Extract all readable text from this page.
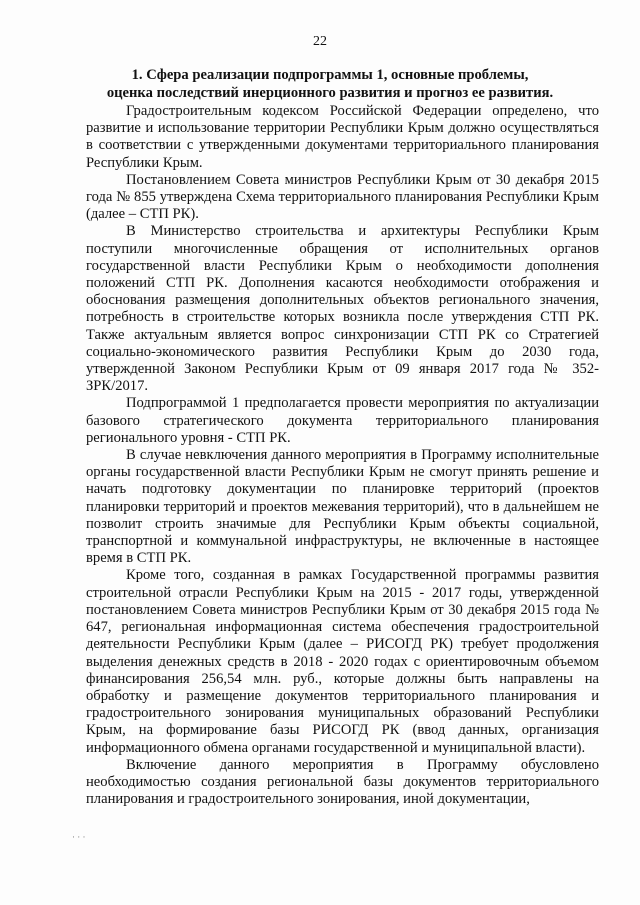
22
1. Сфера реализации подпрограммы 1, основные проблемы,
оценка последствий инерционного развития и прогноз ее развития.

Градостроительным кодексом Российской Федерации определено, что развитие и использование территории Республики Крым должно осуществляться в соответствии с утвержденными документами территориального планирования Республики Крым.

Постановлением Совета министров Республики Крым от 30 декабря 2015 года № 855 утверждена Схема территориального планирования Республики Крым (далее – СТП РК).

В Министерство строительства и архитектуры Республики Крым поступили многочисленные обращения от исполнительных органов государственной власти Республики Крым о необходимости дополнения положений СТП РК. Дополнения касаются необходимости отображения и обоснования размещения дополнительных объектов регионального значения, потребность в строительстве которых возникла после утверждения СТП РК. Также актуальным является вопрос синхронизации СТП РК со Стратегией социально-экономического развития Республики Крым до 2030 года, утвержденной Законом Республики Крым от 09 января 2017 года № 352-ЗРК/2017.

Подпрограммой 1 предполагается провести мероприятия по актуализации базового стратегического документа территориального планирования регионального уровня - СТП РК.

В случае невключения данного мероприятия в Программу исполнительные органы государственной власти Республики Крым не смогут принять решение и начать подготовку документации по планировке территорий (проектов планировки территорий и проектов межевания территорий), что в дальнейшем не позволит строить значимые для Республики Крым объекты социальной, транспортной и коммунальной инфраструктуры, не включенные в настоящее время в СТП РК.

Кроме того, созданная в рамках Государственной программы развития строительной отрасли Республики Крым на 2015 - 2017 годы, утвержденной постановлением Совета министров Республики Крым от 30 декабря 2015 года № 647, региональная информационная система обеспечения градостроительной деятельности Республики Крым (далее – РИСОГД РК) требует продолжения выделения денежных средств в 2018 - 2020 годах с ориентировочным объемом финансирования 256,54 млн. руб., которые должны быть направлены на обработку и размещение документов территориального планирования и градостроительного зонирования муниципальных образований Республики Крым, на формирование базы РИСОГД РК (ввод данных, организация информационного обмена органами государственной и муниципальной власти).

Включение данного мероприятия в Программу обусловлено необходимостью создания региональной базы документов территориального планирования и градостроительного зонирования, иной документации,

· · ·
